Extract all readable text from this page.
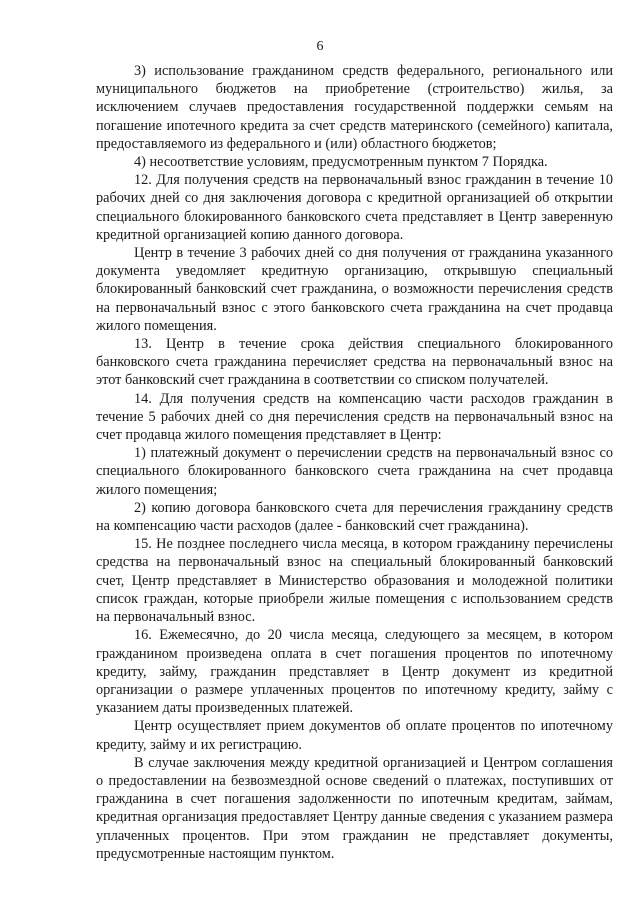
6

3) использование гражданином средств федерального, регионального или муниципального бюджетов на приобретение (строительство) жилья, за исключением случаев предоставления государственной поддержки семьям на погашение ипотечного кредита за счет средств материнского (семейного) капитала, предоставляемого из федерального и (или) областного бюджетов;

4) несоответствие условиям, предусмотренным пунктом 7 Порядка.

12. Для получения средств на первоначальный взнос гражданин в течение 10 рабочих дней со дня заключения договора с кредитной организацией об открытии специального блокированного банковского счета представляет в Центр заверенную кредитной организацией копию данного договора.

Центр в течение 3 рабочих дней со дня получения от гражданина указанного документа уведомляет кредитную организацию, открывшую специальный блокированный банковский счет гражданина, о возможности перечисления средств на первоначальный взнос с этого банковского счета гражданина на счет продавца жилого помещения.

13. Центр в течение срока действия специального блокированного банковского счета гражданина перечисляет средства на первоначальный взнос на этот банковский счет гражданина в соответствии со списком получателей.

14. Для получения средств на компенсацию части расходов гражданин в течение 5 рабочих дней со дня перечисления средств на первоначальный взнос на счет продавца жилого помещения представляет в Центр:

1) платежный документ о перечислении средств на первоначальный взнос со специального блокированного банковского счета гражданина на счет продавца жилого помещения;

2) копию договора банковского счета для перечисления гражданину средств на компенсацию части расходов (далее - банковский счет гражданина).

15. Не позднее последнего числа месяца, в котором гражданину перечислены средства на первоначальный взнос на специальный блокированный банковский счет, Центр представляет в Министерство образования и молодежной политики список граждан, которые приобрели жилые помещения с использованием средств на первоначальный взнос.

16. Ежемесячно, до 20 числа месяца, следующего за месяцем, в котором гражданином произведена оплата в счет погашения процентов по ипотечному кредиту, займу, гражданин представляет в Центр документ из кредитной организации о размере уплаченных процентов по ипотечному кредиту, займу с указанием даты произведенных платежей.

Центр осуществляет прием документов об оплате процентов по ипотечному кредиту, займу и их регистрацию.

В случае заключения между кредитной организацией и Центром соглашения о предоставлении на безвозмездной основе сведений о платежах, поступивших от гражданина в счет погашения задолженности по ипотечным кредитам, займам, кредитная организация предоставляет Центру данные сведения с указанием размера уплаченных процентов. При этом гражданин не представляет документы, предусмотренные настоящим пунктом.
